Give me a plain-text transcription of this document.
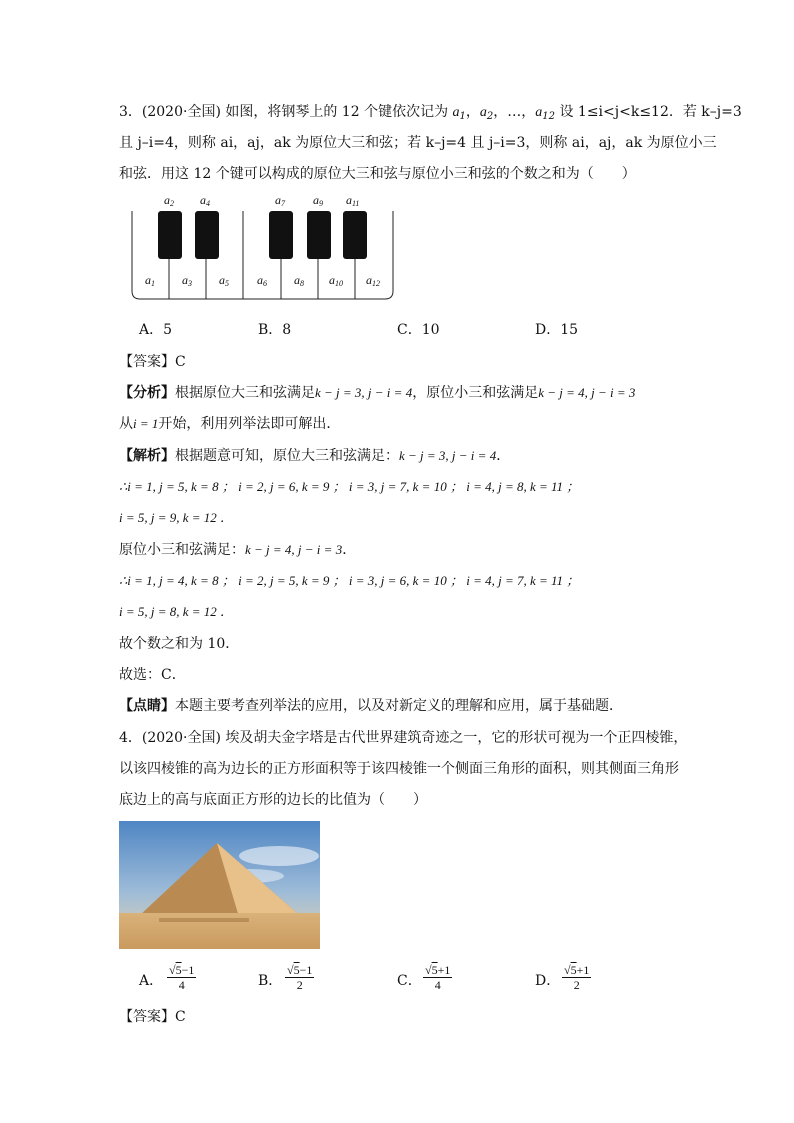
3．(2020·全国) 如图，将钢琴上的 12 个键依次记为 $a_1$，$a_2$，…，$a_{12}$ 设 1≤i<j<k≤12．若 k–j=3
且 j–i=4，则称 ai，aj，ak 为原位大三和弦；若 k–j=4 且 j–i=3，则称 ai，aj，ak 为原位小三
和弦．用这 12 个键可以构成的原位大三和弦与原位小三和弦的个数之和为（　　）
a2 a4	a7 a9 a11
a1 a3 a5 a6 a8 a10 a12
A．5	B．8	C．10	D．15
【答案】C
【分析】根据原位大三和弦满足k − j = 3, j − i = 4，原位小三和弦满足k − j = 4, j − i = 3
从i = 1开始，利用列举法即可解出．
【解析】根据题意可知，原位大三和弦满足：k − j = 3, j − i = 4．
∴i = 1, j = 5, k = 8 ； i = 2, j = 6, k = 9 ； i = 3, j = 7, k = 10 ； i = 4, j = 8, k = 11 ；
i = 5, j = 9, k = 12 ．
原位小三和弦满足：k − j = 4, j − i = 3．
∴i = 1, j = 4, k = 8 ； i = 2, j = 5, k = 9 ； i = 3, j = 6, k = 10 ； i = 4, j = 7, k = 11 ；
i = 5, j = 8, k = 12 ．
故个数之和为 10．
故选：C．
【点睛】本题主要考查列举法的应用，以及对新定义的理解和应用，属于基础题．
4．(2020·全国) 埃及胡夫金字塔是古代世界建筑奇迹之一，它的形状可视为一个正四棱锥，
以该四棱锥的高为边长的正方形面积等于该四棱锥一个侧面三角形的面积，则其侧面三角形
底边上的高与底面正方形的边长的比值为（　　）
A． $\frac{√5-1}{4}$	B． $\frac{√5-1}{2}$	C． $\frac{√5+1}{4}$	D． $\frac{√5+1}{2}$
【答案】C
